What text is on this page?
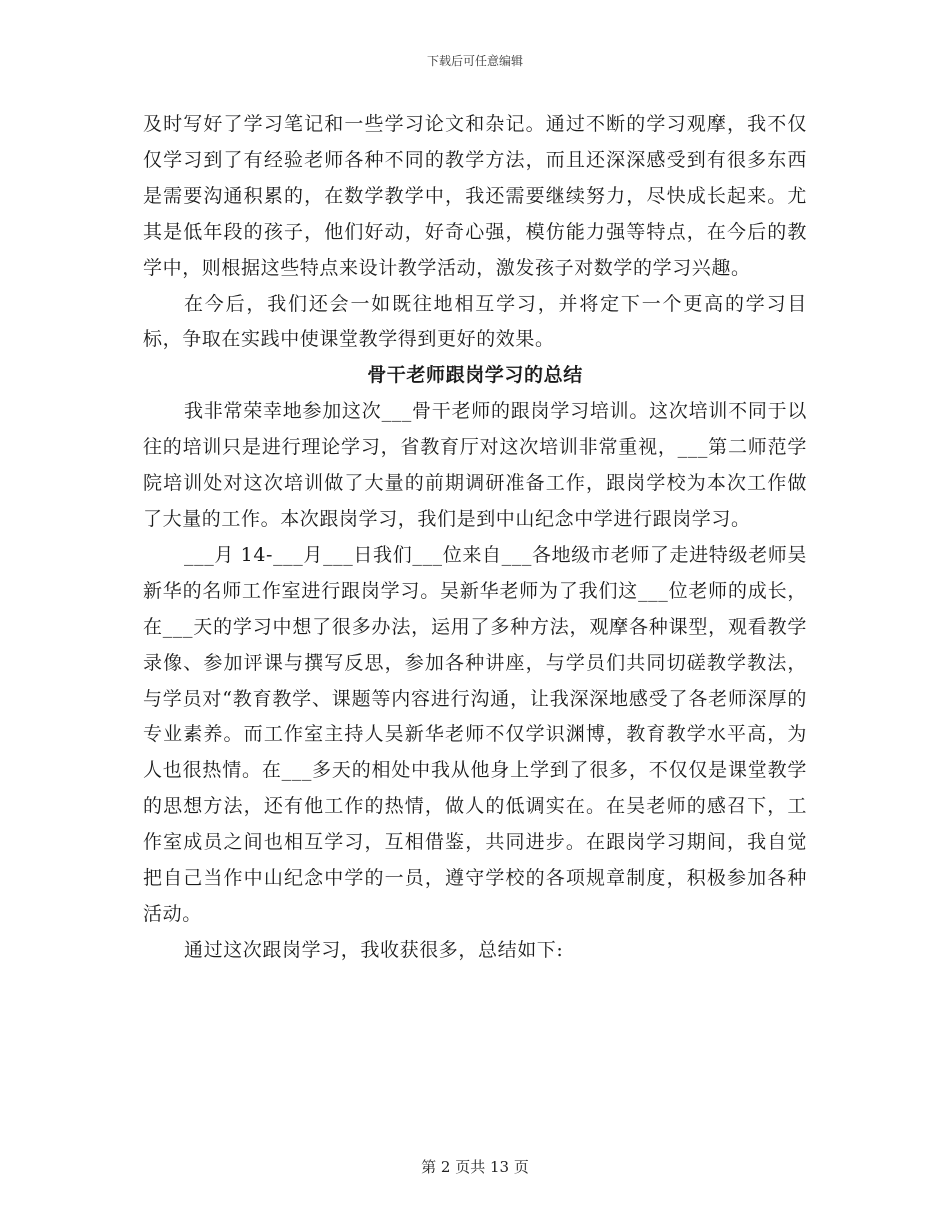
下载后可任意编辑

及时写好了学习笔记和一些学习论文和杂记。通过不断的学习观摩，我不仅仅学习到了有经验老师各种不同的教学方法，而且还深深感受到有很多东西是需要沟通积累的，在数学教学中，我还需要继续努力，尽快成长起来。尤其是低年段的孩子，他们好动，好奇心强，模仿能力强等特点，在今后的教学中，则根据这些特点来设计教学活动，激发孩子对数学的学习兴趣。

在今后，我们还会一如既往地相互学习，并将定下一个更高的学习目标，争取在实践中使课堂教学得到更好的效果。

骨干老师跟岗学习的总结

我非常荣幸地参加这次___骨干老师的跟岗学习培训。这次培训不同于以往的培训只是进行理论学习，省教育厅对这次培训非常重视，___第二师范学院培训处对这次培训做了大量的前期调研准备工作，跟岗学校为本次工作做了大量的工作。本次跟岗学习，我们是到中山纪念中学进行跟岗学习。

___月 14-___月___日我们___位来自___各地级市老师了走进特级老师吴新华的名师工作室进行跟岗学习。吴新华老师为了我们这___位老师的成长，在___天的学习中想了很多办法，运用了多种方法，观摩各种课型，观看教学录像、参加评课与撰写反思，参加各种讲座，与学员们共同切磋教学教法，与学员对“教育教学、课题等内容进行沟通，让我深深地感受了各老师深厚的专业素养。而工作室主持人吴新华老师不仅学识渊博，教育教学水平高，为人也很热情。在___多天的相处中我从他身上学到了很多，不仅仅是课堂教学的思想方法，还有他工作的热情，做人的低调实在。在吴老师的感召下，工作室成员之间也相互学习，互相借鉴，共同进步。在跟岗学习期间，我自觉把自己当作中山纪念中学的一员，遵守学校的各项规章制度，积极参加各种活动。

通过这次跟岗学习，我收获很多，总结如下:

第 2 页共 13 页
